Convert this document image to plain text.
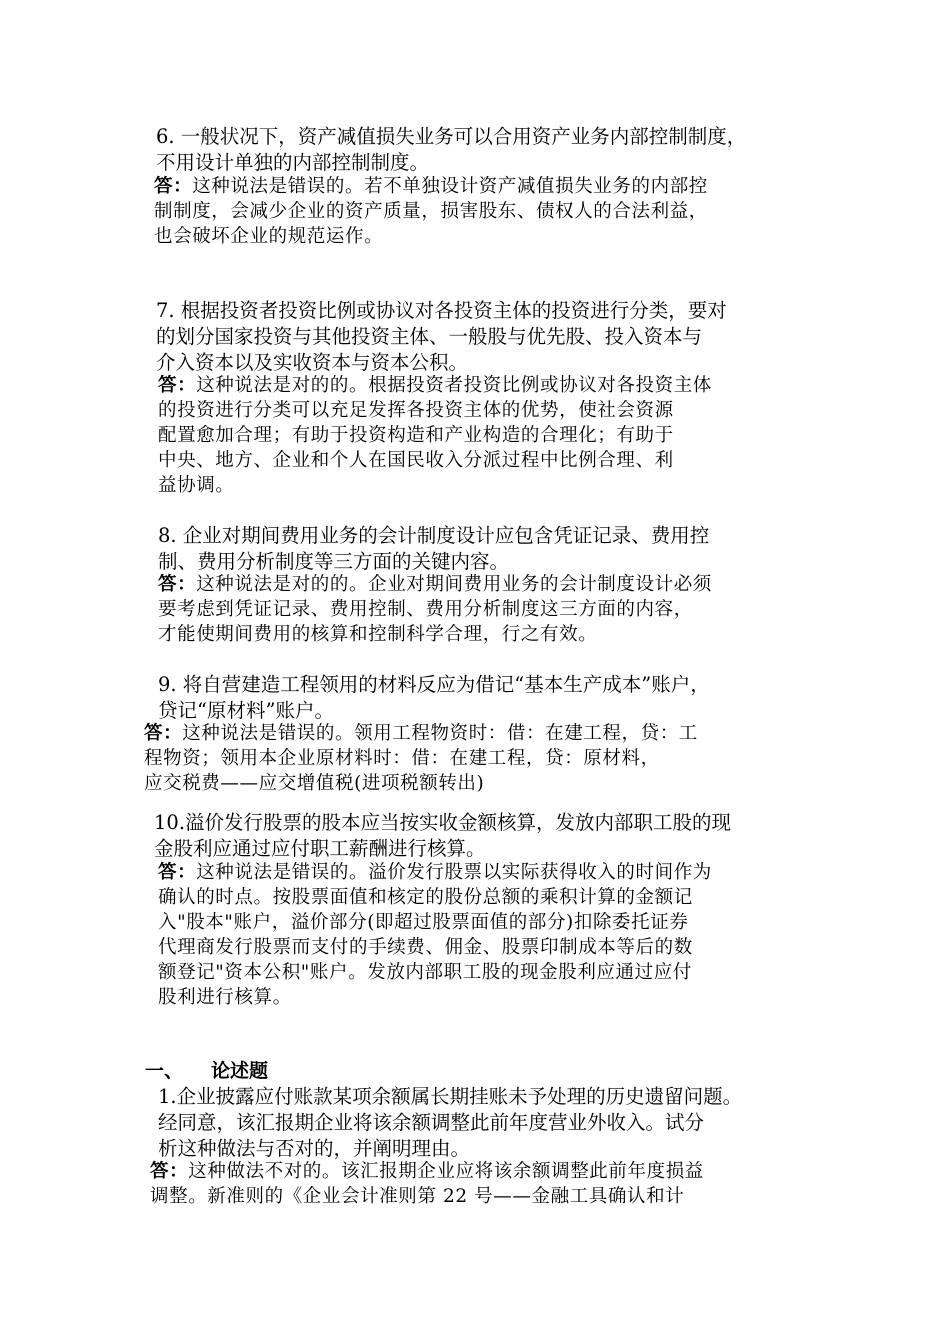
6. 一般状况下，资产减值损失业务可以合用资产业务内部控制制度，
不用设计单独的内部控制制度。
答：这种说法是错误的。若不单独设计资产减值损失业务的内部控
制制度，会减少企业的资产质量，损害股东、债权人的合法利益，
也会破坏企业的规范运作。
7. 根据投资者投资比例或协议对各投资主体的投资进行分类，要对
的划分国家投资与其他投资主体、一般股与优先股、投入资本与
介入资本以及实收资本与资本公积。
答：这种说法是对的的。根据投资者投资比例或协议对各投资主体
的投资进行分类可以充足发挥各投资主体的优势，使社会资源
配置愈加合理；有助于投资构造和产业构造的合理化；有助于
中央、地方、企业和个人在国民收入分派过程中比例合理、利
益协调。
8. 企业对期间费用业务的会计制度设计应包含凭证记录、费用控
制、费用分析制度等三方面的关键内容。
答：这种说法是对的的。企业对期间费用业务的会计制度设计必须
要考虑到凭证记录、费用控制、费用分析制度这三方面的内容，
才能使期间费用的核算和控制科学合理，行之有效。
9. 将自营建造工程领用的材料反应为借记“基本生产成本”账户，
贷记“原材料”账户。
答：这种说法是错误的。领用工程物资时：借：在建工程，贷：工
程物资；领用本企业原材料时：借：在建工程，贷：原材料，
应交税费——应交增值税(进项税额转出)
10.溢价发行股票的股本应当按实收金额核算，发放内部职工股的现
金股利应通过应付职工薪酬进行核算。
答：这种说法是错误的。溢价发行股票以实际获得收入的时间作为
确认的时点。按股票面值和核定的股份总额的乘积计算的金额记
入"股本"账户，溢价部分(即超过股票面值的部分)扣除委托证券
代理商发行股票而支付的手续费、佣金、股票印制成本等后的数
额登记"资本公积"账户。发放内部职工股的现金股利应通过应付
股利进行核算。
一、 论述题
1.企业披露应付账款某项余额属长期挂账未予处理的历史遗留问题。
经同意，该汇报期企业将该余额调整此前年度营业外收入。试分
析这种做法与否对的，并阐明理由。
答：这种做法不对的。该汇报期企业应将该余额调整此前年度损益
调整。新准则的《企业会计准则第 22 号——金融工具确认和计
